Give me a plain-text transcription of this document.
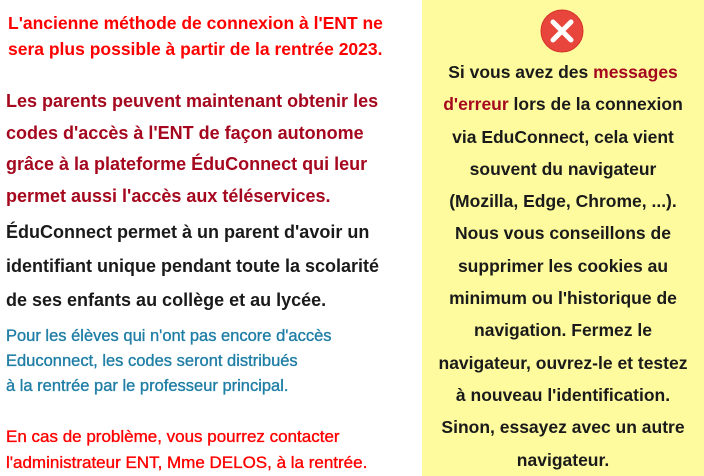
L'ancienne méthode de connexion à l'ENT ne
sera plus possible à partir de la rentrée 2023.

Les parents peuvent maintenant obtenir les
codes d'accès à l'ENT de façon autonome
grâce à la plateforme ÉduConnect qui leur
permet aussi l'accès aux téléservices.

ÉduConnect permet à un parent d'avoir un
identifiant unique pendant toute la scolarité
de ses enfants au collège et au lycée.

Pour les élèves qui n'ont pas encore d'accès
Educonnect, les codes seront distribués
à la rentrée par le professeur principal.

En cas de problème, vous pourrez contacter
l'administrateur ENT, Mme DELOS, à la rentrée.

Si vous avez des messages
d'erreur lors de la connexion
via EduConnect, cela vient
souvent du navigateur
(Mozilla, Edge, Chrome, ...).
Nous vous conseillons de
supprimer les cookies au
minimum ou l'historique de
navigation. Fermez le
navigateur, ouvrez-le et testez
à nouveau l'identification.
Sinon, essayez avec un autre
navigateur.
